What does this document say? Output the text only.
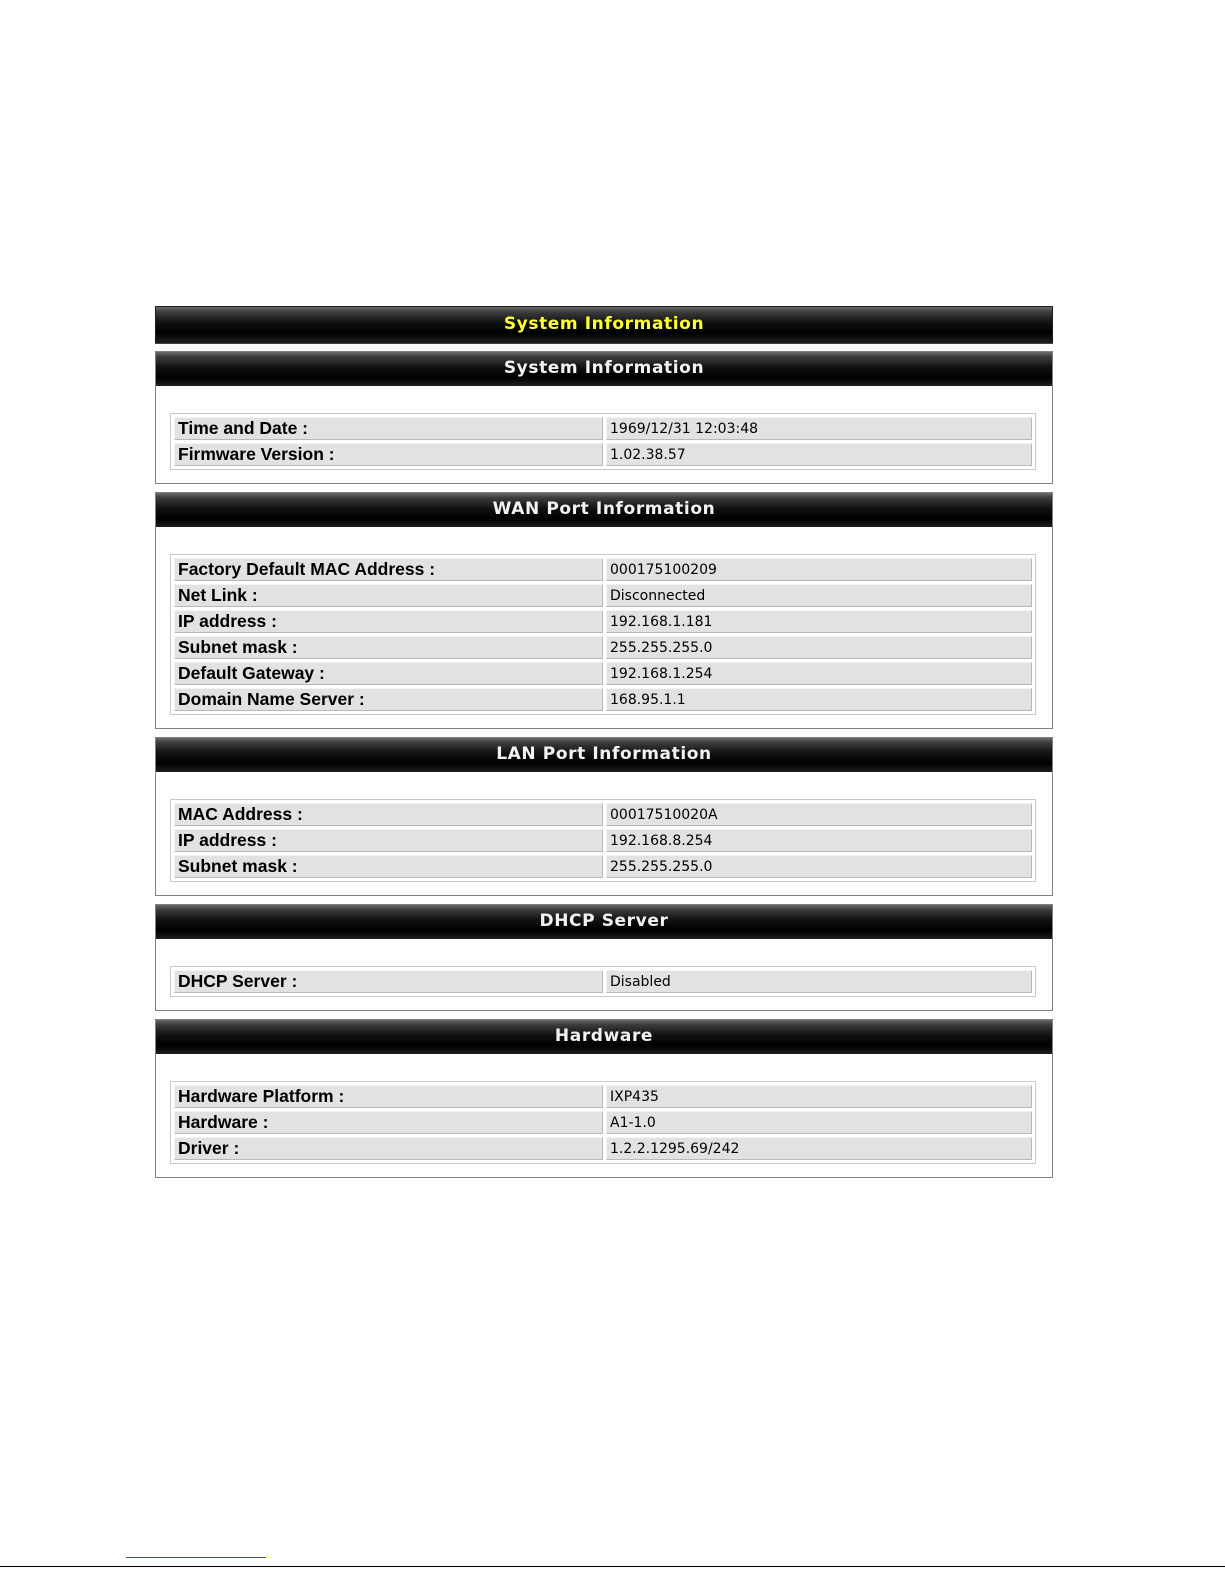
System Information
System Information
Time and Date :	1969/12/31 12:03:48
Firmware Version :	1.02.38.57
WAN Port Information
Factory Default MAC Address :	000175100209
Net Link :	Disconnected
IP address :	192.168.1.181
Subnet mask :	255.255.255.0
Default Gateway :	192.168.1.254
Domain Name Server :	168.95.1.1
LAN Port Information
MAC Address :	00017510020A
IP address :	192.168.8.254
Subnet mask :	255.255.255.0
DHCP Server
DHCP Server :	Disabled
Hardware
Hardware Platform :	IXP435
Hardware :	A1-1.0
Driver :	1.2.2.1295.69/242
